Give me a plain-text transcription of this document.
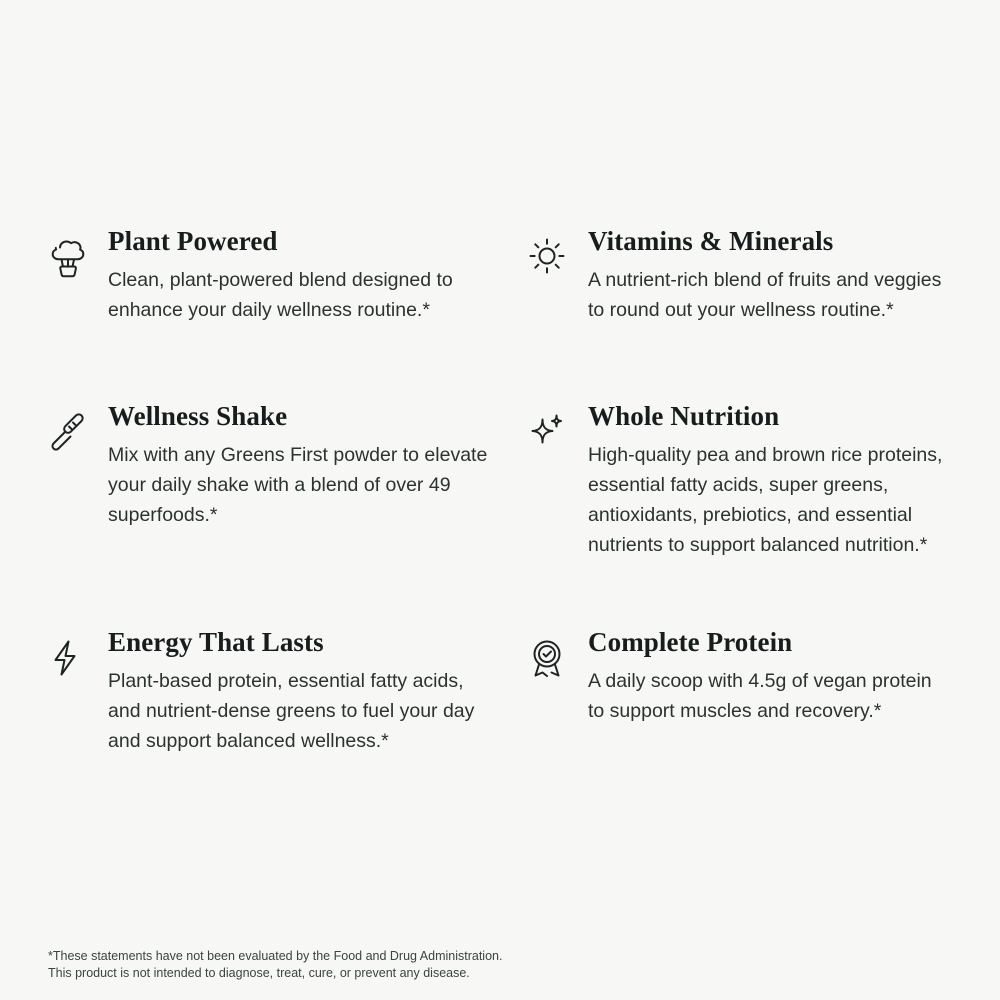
Plant Powered

Clean, plant-powered blend designed to enhance your daily wellness routine.*

Vitamins & Minerals

A nutrient-rich blend of fruits and veggies to round out your wellness routine.*

Wellness Shake

Mix with any Greens First powder to elevate your daily shake with a blend of over 49 superfoods.*

Whole Nutrition

High-quality pea and brown rice proteins, essential fatty acids, super greens, antioxidants, prebiotics, and essential nutrients to support balanced nutrition.*

Energy That Lasts

Plant-based protein, essential fatty acids, and nutrient-dense greens to fuel your day and support balanced wellness.*

Complete Protein

A daily scoop with 4.5g of vegan protein to support muscles and recovery.*

*These statements have not been evaluated by the Food and Drug Administration.
This product is not intended to diagnose, treat, cure, or prevent any disease.
